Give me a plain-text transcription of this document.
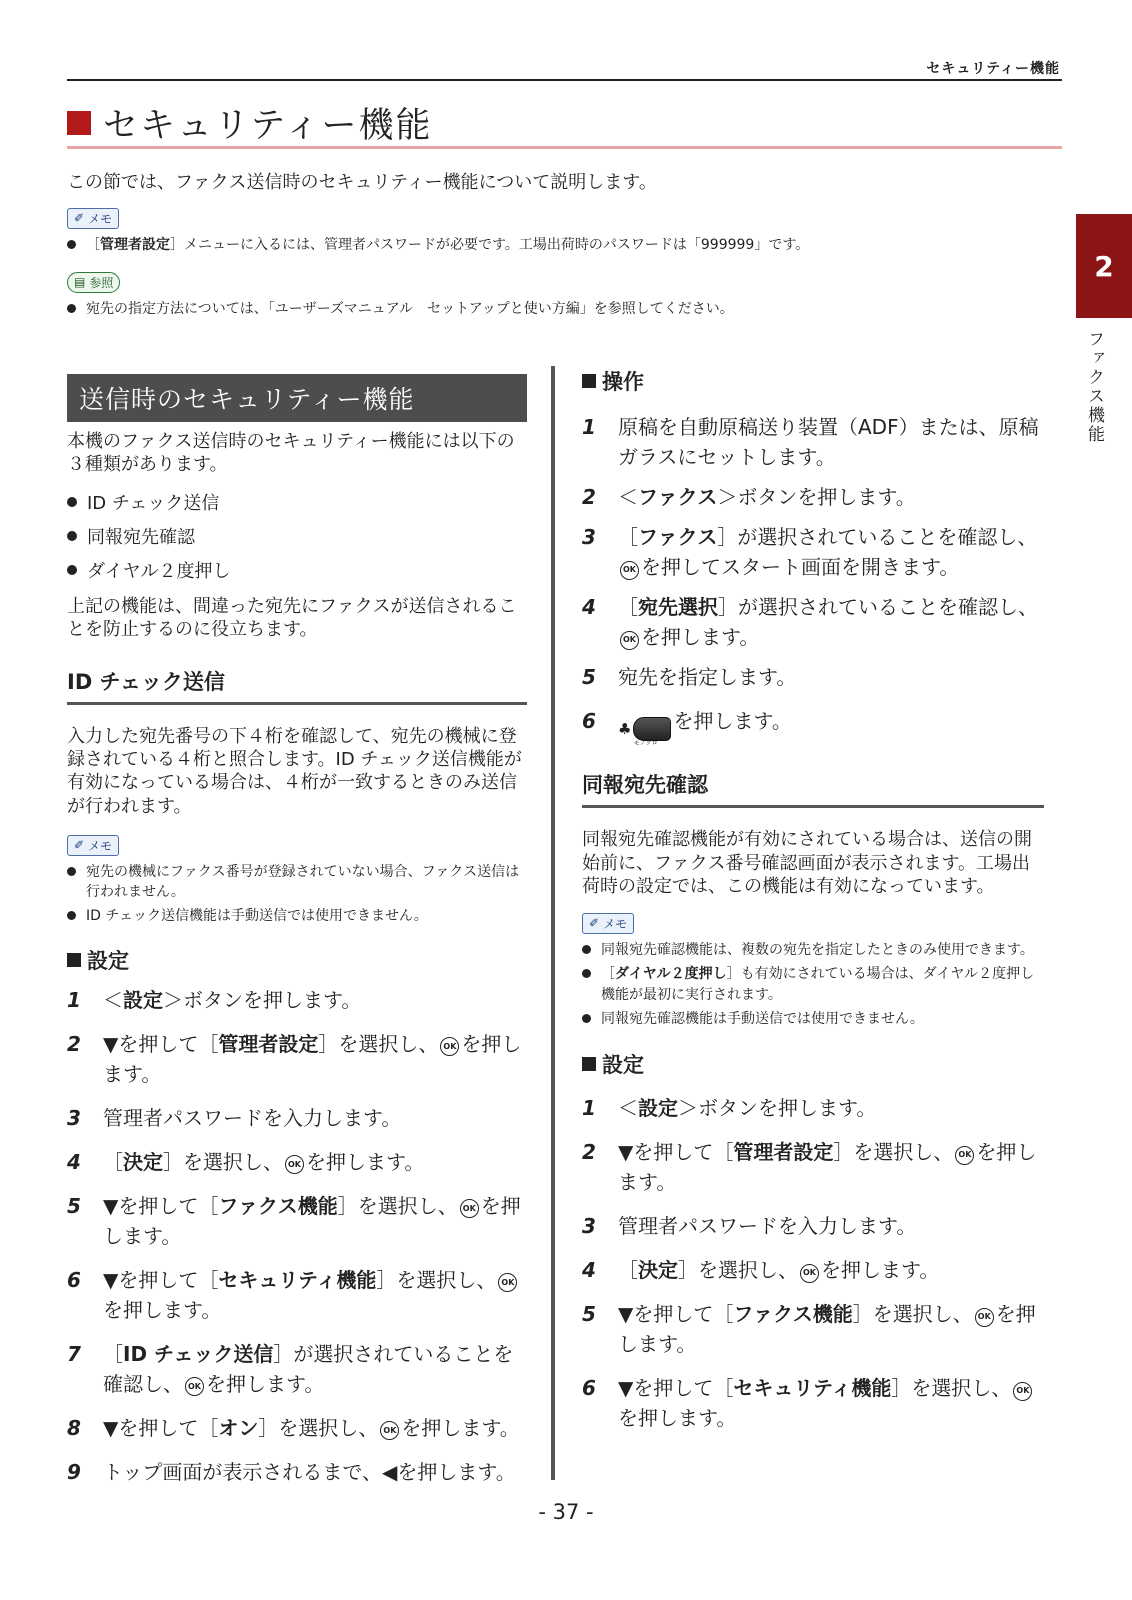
セキュリティー機能
セキュリティー機能
この節では、ファクス送信時のセキュリティー機能について説明します。
✐ メモ
［管理者設定］メニューに入るには、管理者パスワードが必要です。工場出荷時のパスワードは「999999」です。
▤ 参照
宛先の指定方法については、「ユーザーズマニュアル　セットアップと使い方編」を参照してください。
2
ファクス機能
送信時のセキュリティー機能

本機のファクス送信時のセキュリティー機能には以下の３種類があります。

ID チェック送信
同報宛先確認
ダイヤル２度押し

上記の機能は、間違った宛先にファクスが送信されることを防止するのに役立ちます。

ID チェック送信

入力した宛先番号の下４桁を確認して、宛先の機械に登録されている４桁と照合します。ID チェック送信機能が有効になっている場合は、４桁が一致するときのみ送信が行われます。

✐ メモ
宛先の機械にファクス番号が登録されていない場合、ファクス送信は行われません。
ID チェック送信機能は手動送信では使用できません。
設定
1 ＜設定＞ボタンを押します。
2 ▼を押して［管理者設定］を選択し、 OK を押します。
3 管理者パスワードを入力します。
4 ［決定］を選択し、 OK を押します。
5 ▼を押して［ファクス機能］を選択し、 OK を押します。
6 ▼を押して［セキュリティ機能］を選択し、 OKを押します。
7 ［ID チェック送信］が選択されていることを確認し、 OK を押します。
8 ▼を押して［オン］を選択し、 OK を押します。
9 トップ画面が表示されるまで、◀を押します。
操作
1 原稿を自動原稿送り装置（ADF）または、原稿ガラスにセットします。
2 ＜ファクス＞ボタンを押します。
3 ［ファクス］が選択されていることを確認し、OK を押してスタート画面を開きます。
4 ［宛先選択］が選択されていることを確認し、OK を押します。
5 宛先を指定します。
6 ♣
モノクロ
を押します。
同報宛先確認

同報宛先確認機能が有効にされている場合は、送信の開始前に、ファクス番号確認画面が表示されます。工場出荷時の設定では、この機能は有効になっています。

✐ メモ
同報宛先確認機能は、複数の宛先を指定したときのみ使用できます。
［ダイヤル２度押し］も有効にされている場合は、ダイヤル２度押し機能が最初に実行されます。
同報宛先確認機能は手動送信では使用できません。
設定
1 ＜設定＞ボタンを押します。
2 ▼を押して［管理者設定］を選択し、 OK を押します。
3 管理者パスワードを入力します。
4 ［決定］を選択し、 OK を押します。
5 ▼を押して［ファクス機能］を選択し、 OK を押します。
6 ▼を押して［セキュリティ機能］を選択し、 OKを押します。
- 37 -
